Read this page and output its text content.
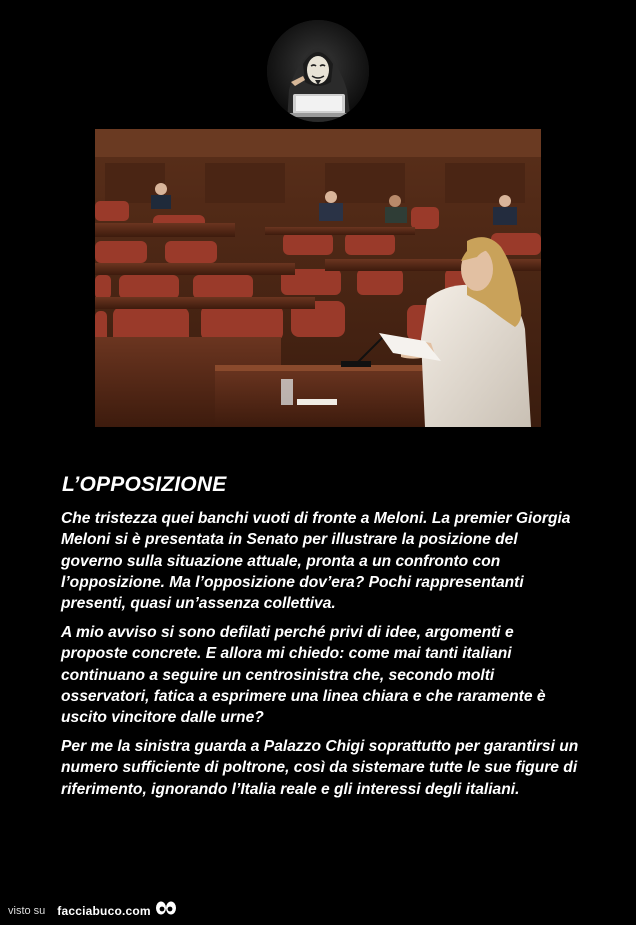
L’OPPOSIZIONE

Che tristezza quei banchi vuoti di fronte a Meloni. La premier Giorgia Meloni si è presentata in Senato per illustrare la posizione del governo sulla situazione attuale, pronta a un confronto con l’opposizione. Ma l’opposizione dov’era? Pochi rappresentanti presenti, quasi un’assenza collettiva.

A mio avviso si sono defilati perché privi di idee, argomenti e proposte concrete. E allora mi chiedo: come mai tanti italiani continuano a seguire un centrosinistra che, secondo molti osservatori, fatica a esprimere una linea chiara e che raramente è uscito vincitore dalle urne?

Per me la sinistra guarda a Palazzo Chigi soprattutto per garantirsi un numero sufficiente di poltrone, così da sistemare tutte le sue figure di riferimento, ignorando l’Italia reale e gli interessi degli italiani.

visto su facciabuco.com
